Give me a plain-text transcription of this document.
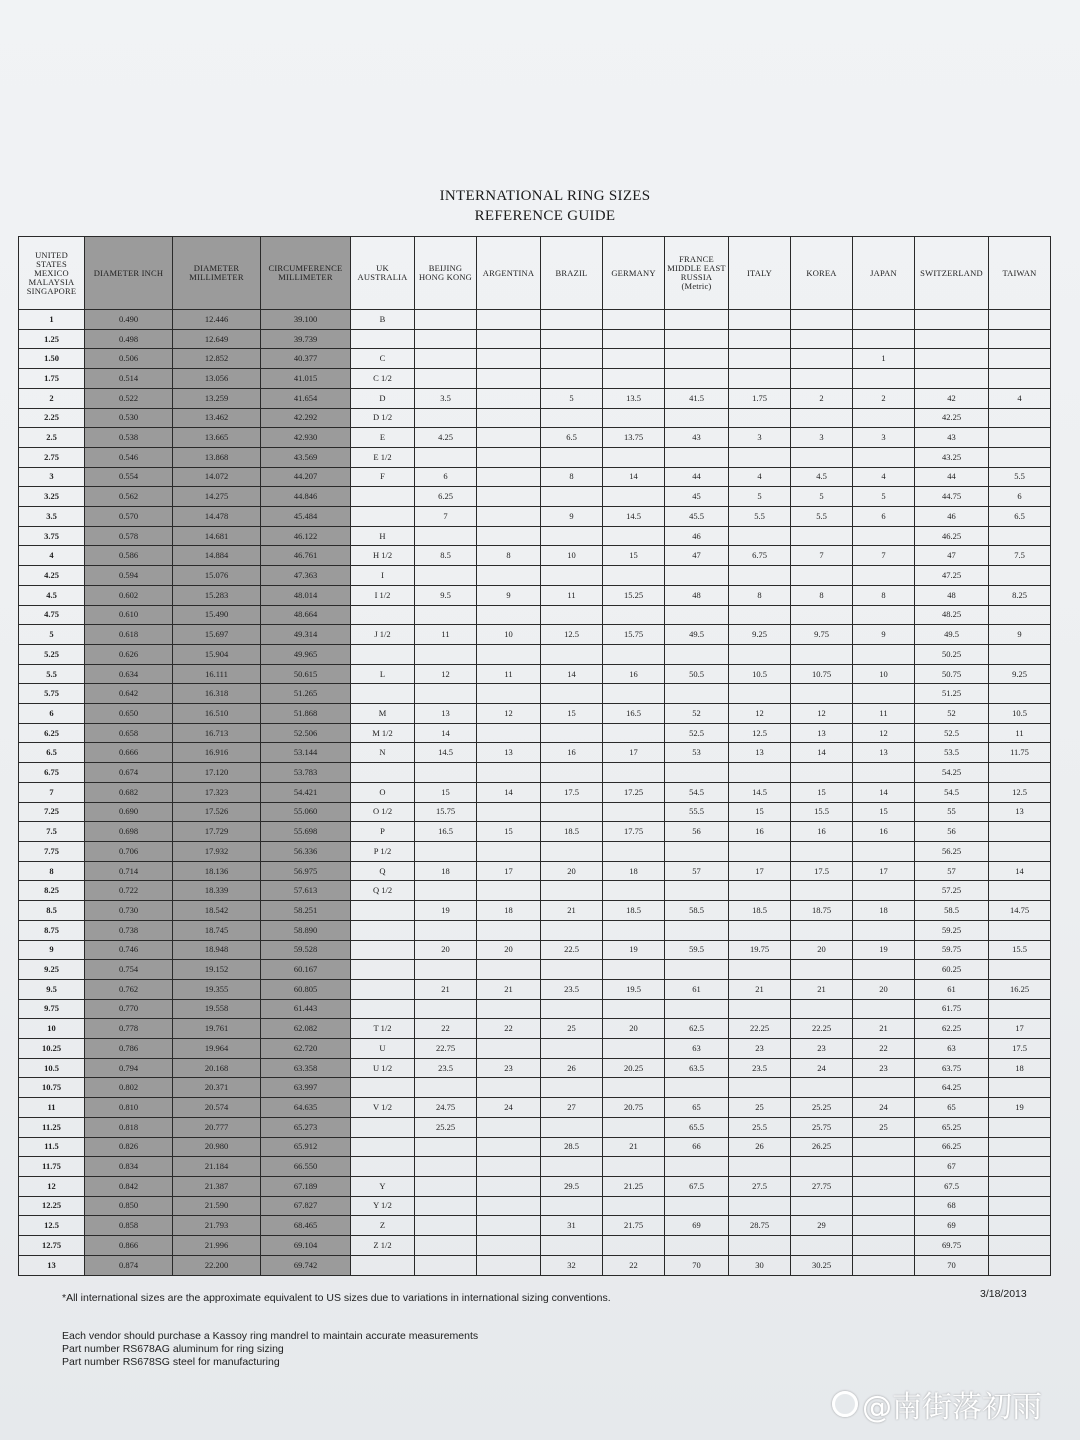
INTERNATIONAL RING SIZES
REFERENCE GUIDE
UNITED STATES MEXICO MALAYSIA SINGAPORE	DIAMETER INCH	DIAMETER MILLIMETER	CIRCUMFERENCE MILLIMETER	UK AUSTRALIA	BEIJING HONG KONG	ARGENTINA	BRAZIL	GERMANY	FRANCE MIDDLE EAST RUSSIA (Metric)	ITALY	KOREA	JAPAN	SWITZERLAND	TAIWAN
1	0.490	12.446	39.100	B										
1.25	0.498	12.649	39.739											
1.50	0.506	12.852	40.377	C								1		
1.75	0.514	13.056	41.015	C 1/2										
2	0.522	13.259	41.654	D	3.5		5	13.5	41.5	1.75	2	2	42	4
2.25	0.530	13.462	42.292	D 1/2									42.25	
2.5	0.538	13.665	42.930	E	4.25		6.5	13.75	43	3	3	3	43	
2.75	0.546	13.868	43.569	E 1/2									43.25	
3	0.554	14.072	44.207	F	6		8	14	44	4	4.5	4	44	5.5
3.25	0.562	14.275	44.846		6.25				45	5	5	5	44.75	6
3.5	0.570	14.478	45.484		7		9	14.5	45.5	5.5	5.5	6	46	6.5
3.75	0.578	14.681	46.122	H					46				46.25	
4	0.586	14.884	46.761	H 1/2	8.5	8	10	15	47	6.75	7	7	47	7.5
4.25	0.594	15.076	47.363	I									47.25	
4.5	0.602	15.283	48.014	I 1/2	9.5	9	11	15.25	48	8	8	8	48	8.25
4.75	0.610	15.490	48.664										48.25	
5	0.618	15.697	49.314	J 1/2	11	10	12.5	15.75	49.5	9.25	9.75	9	49.5	9
5.25	0.626	15.904	49.965										50.25	
5.5	0.634	16.111	50.615	L	12	11	14	16	50.5	10.5	10.75	10	50.75	9.25
5.75	0.642	16.318	51.265										51.25	
6	0.650	16.510	51.868	M	13	12	15	16.5	52	12	12	11	52	10.5
6.25	0.658	16.713	52.506	M 1/2	14				52.5	12.5	13	12	52.5	11
6.5	0.666	16.916	53.144	N	14.5	13	16	17	53	13	14	13	53.5	11.75
6.75	0.674	17.120	53.783										54.25	
7	0.682	17.323	54.421	O	15	14	17.5	17.25	54.5	14.5	15	14	54.5	12.5
7.25	0.690	17.526	55.060	O 1/2	15.75				55.5	15	15.5	15	55	13
7.5	0.698	17.729	55.698	P	16.5	15	18.5	17.75	56	16	16	16	56	
7.75	0.706	17.932	56.336	P 1/2									56.25	
8	0.714	18.136	56.975	Q	18	17	20	18	57	17	17.5	17	57	14
8.25	0.722	18.339	57.613	Q 1/2									57.25	
8.5	0.730	18.542	58.251		19	18	21	18.5	58.5	18.5	18.75	18	58.5	14.75
8.75	0.738	18.745	58.890										59.25	
9	0.746	18.948	59.528		20	20	22.5	19	59.5	19.75	20	19	59.75	15.5
9.25	0.754	19.152	60.167										60.25	
9.5	0.762	19.355	60.805		21	21	23.5	19.5	61	21	21	20	61	16.25
9.75	0.770	19.558	61.443										61.75	
10	0.778	19.761	62.082	T 1/2	22	22	25	20	62.5	22.25	22.25	21	62.25	17
10.25	0.786	19.964	62.720	U	22.75				63	23	23	22	63	17.5
10.5	0.794	20.168	63.358	U 1/2	23.5	23	26	20.25	63.5	23.5	24	23	63.75	18
10.75	0.802	20.371	63.997										64.25	
11	0.810	20.574	64.635	V 1/2	24.75	24	27	20.75	65	25	25.25	24	65	19
11.25	0.818	20.777	65.273		25.25				65.5	25.5	25.75	25	65.25	
11.5	0.826	20.980	65.912				28.5	21	66	26	26.25		66.25	
11.75	0.834	21.184	66.550										67	
12	0.842	21.387	67.189	Y			29.5	21.25	67.5	27.5	27.75		67.5	
12.25	0.850	21.590	67.827	Y 1/2									68	
12.5	0.858	21.793	68.465	Z			31	21.75	69	28.75	29		69	
12.75	0.866	21.996	69.104	Z 1/2									69.75	
13	0.874	22.200	69.742				32	22	70	30	30.25		70	
*All international sizes are the approximate equivalent to US sizes due to variations in international sizing conventions.	3/18/2013
Each vendor should purchase a Kassoy ring mandrel to maintain accurate measurements
Part number RS678AG aluminum for ring sizing
Part number RS678SG steel for manufacturing
@南街落初雨
